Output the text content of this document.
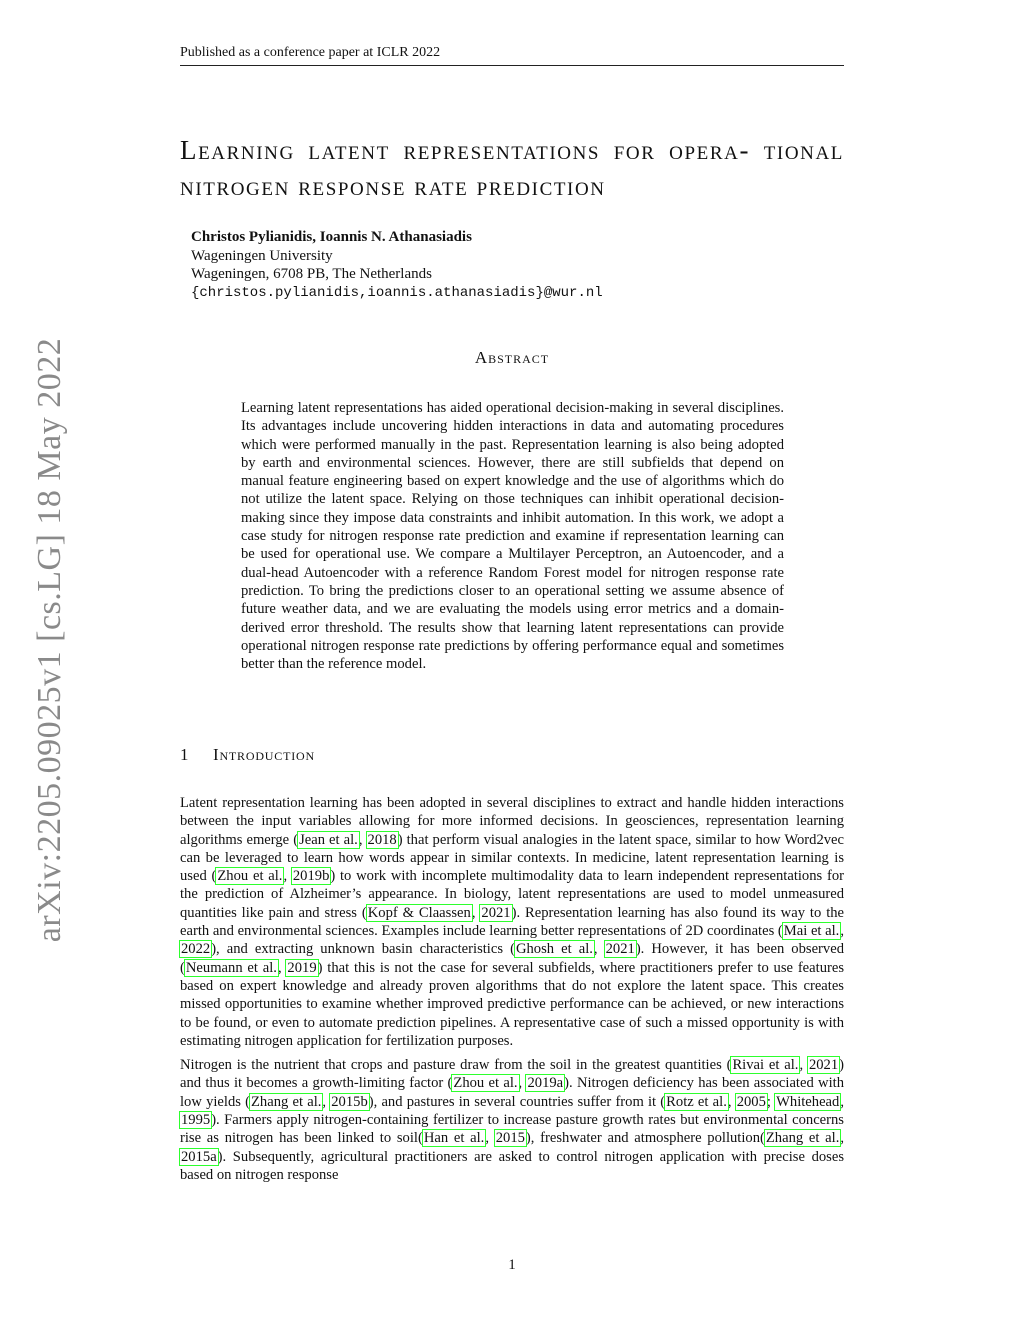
Published as a conference paper at ICLR 2022
arXiv:2205.09025v1 [cs.LG] 18 May 2022
Learning latent representations for opera- tional nitrogen response rate prediction
Christos Pylianidis, Ioannis N. Athanasiadis
Wageningen University
Wageningen, 6708 PB, The Netherlands
{christos.pylianidis,ioannis.athanasiadis}@wur.nl
Abstract
Learning latent representations has aided operational decision-making in several disciplines. Its advantages include uncovering hidden interactions in data and automating procedures which were performed manually in the past. Representation learning is also being adopted by earth and environmental sciences. However, there are still subfields that depend on manual feature engineering based on expert knowledge and the use of algorithms which do not utilize the latent space. Relying on those techniques can inhibit operational decision-making since they impose data constraints and inhibit automation. In this work, we adopt a case study for nitrogen response rate prediction and examine if representation learning can be used for operational use. We compare a Multilayer Perceptron, an Autoencoder, and a dual-head Autoencoder with a reference Random Forest model for nitrogen response rate prediction. To bring the predictions closer to an operational setting we assume absence of future weather data, and we are evaluating the models using error metrics and a domain-derived error threshold. The results show that learning latent representations can provide operational nitrogen response rate predictions by offering performance equal and sometimes better than the reference model.
1 Introduction

Latent representation learning has been adopted in several disciplines to extract and handle hidden interactions between the input variables allowing for more informed decisions. In geosciences, representation learning algorithms emerge (Jean et al., 2018) that perform visual analogies in the latent space, similar to how Word2vec can be leveraged to learn how words appear in similar contexts. In medicine, latent representation learning is used (Zhou et al., 2019b) to work with incomplete multimodality data to learn independent representations for the prediction of Alzheimer’s appearance. In biology, latent representations are used to model unmeasured quantities like pain and stress (Kopf & Claassen, 2021). Representation learning has also found its way to the earth and environmental sciences. Examples include learning better representations of 2D coordinates (Mai et al., 2022), and extracting unknown basin characteristics (Ghosh et al., 2021). However, it has been observed (Neumann et al., 2019) that this is not the case for several subfields, where practitioners prefer to use features based on expert knowledge and already proven algorithms that do not explore the latent space. This creates missed opportunities to examine whether improved predictive performance can be achieved, or new interactions to be found, or even to automate prediction pipelines. A representative case of such a missed opportunity is with estimating nitrogen application for fertilization purposes.

Nitrogen is the nutrient that crops and pasture draw from the soil in the greatest quantities (Rivai et al., 2021) and thus it becomes a growth-limiting factor (Zhou et al., 2019a). Nitrogen deficiency has been associated with low yields (Zhang et al., 2015b), and pastures in several countries suffer from it (Rotz et al., 2005; Whitehead, 1995). Farmers apply nitrogen-containing fertilizer to increase pasture growth rates but environmental concerns rise as nitrogen has been linked to soil(Han et al., 2015), freshwater and atmosphere pollution(Zhang et al., 2015a). Subsequently, agricultural practitioners are asked to control nitrogen application with precise doses based on nitrogen response

1
